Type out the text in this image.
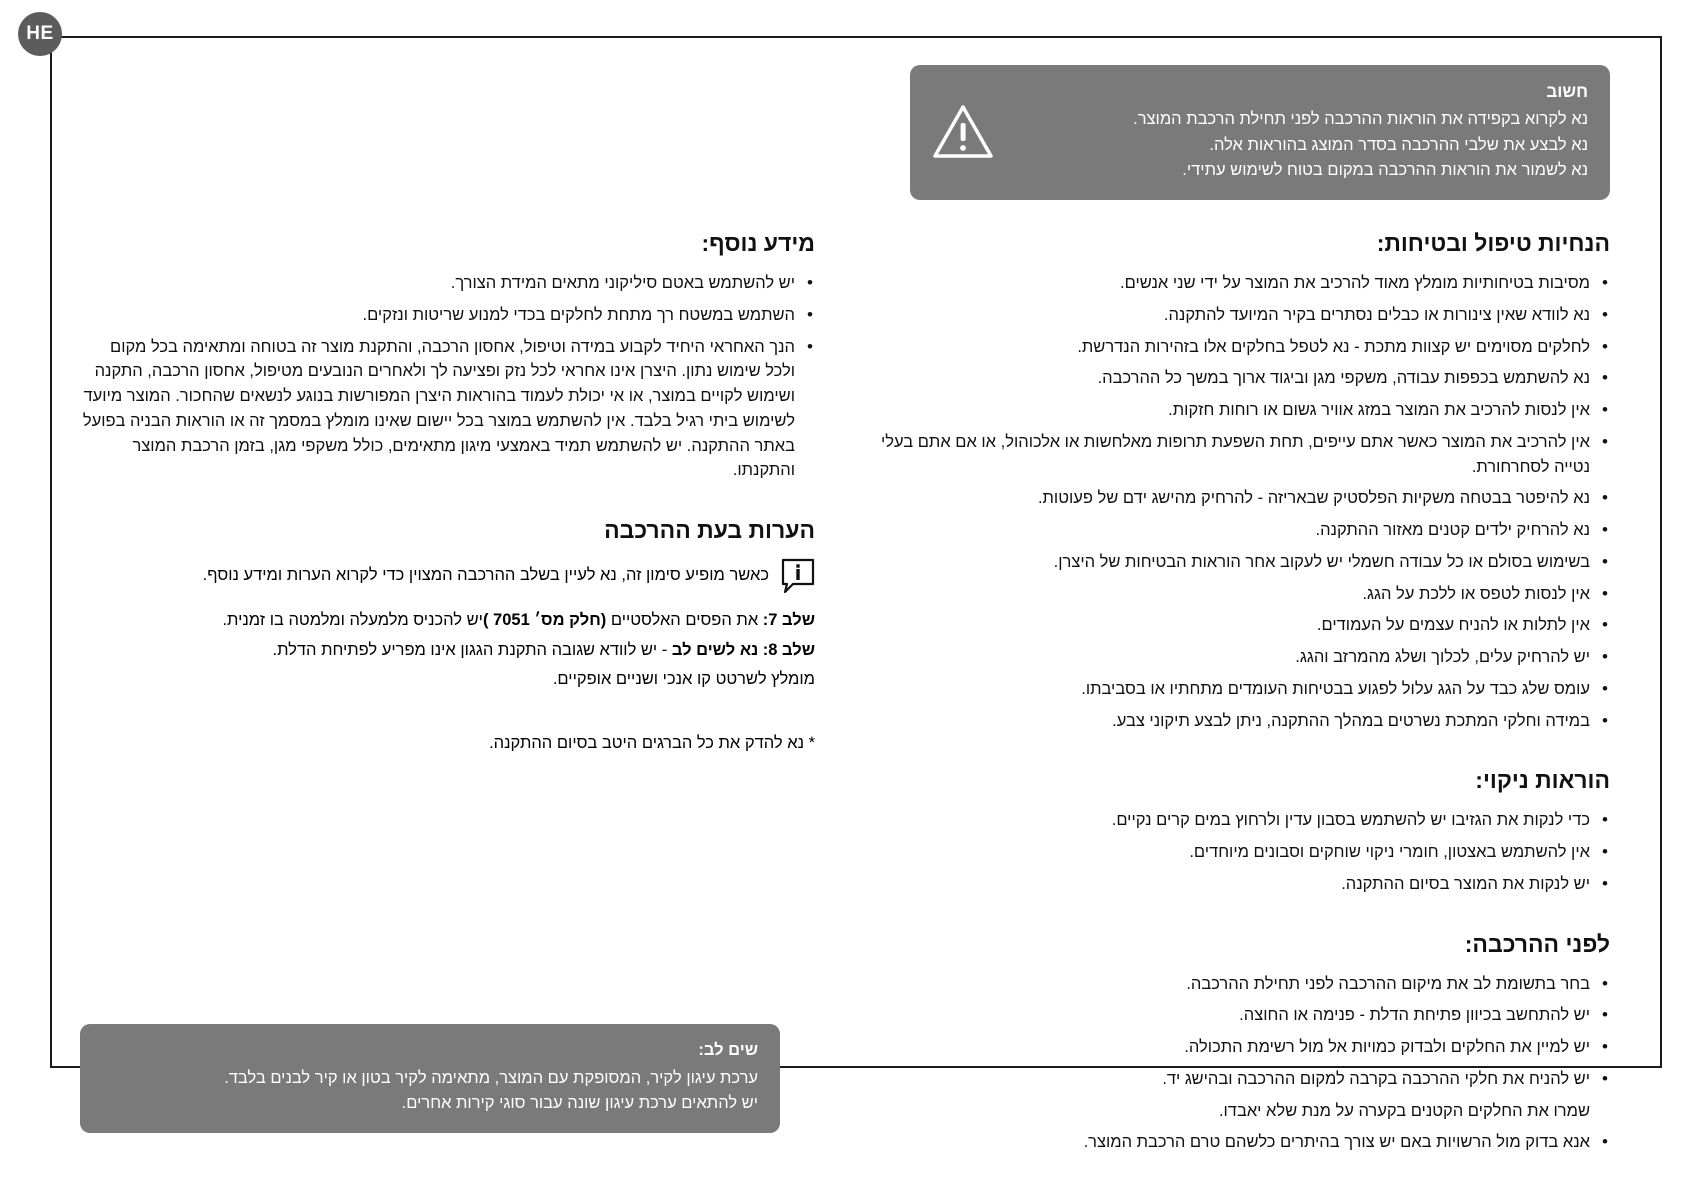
HE
חשוב
נא לקרוא בקפידה את הוראות ההרכבה לפני תחילת הרכבת המוצר.
נא לבצע את שלבי ההרכבה בסדר המוצג בהוראות אלה.
נא לשמור את הוראות ההרכבה במקום בטוח לשימוש עתידי.
הנחיות טיפול ובטיחות:
• מסיבות בטיחותיות מומלץ מאוד להרכיב את המוצר על ידי שני אנשים.
• נא לוודא שאין צינורות או כבלים נסתרים בקיר המיועד להתקנה.
• לחלקים מסוימים יש קצוות מתכת - נא לטפל בחלקים אלו בזהירות הנדרשת.
• נא להשתמש בכפפות עבודה, משקפי מגן וביגוד ארוך במשך כל ההרכבה.
• אין לנסות להרכיב את המוצר במזג אוויר גשום או רוחות חזקות.
• אין להרכיב את המוצר כאשר אתם עייפים, תחת השפעת תרופות מאלחשות או אלכוהול, או אם אתם בעלי נטייה לסחרחורת.
• נא להיפטר בבטחה משקיות הפלסטיק שבאריזה - להרחיק מהישג ידם של פעוטות.
• נא להרחיק ילדים קטנים מאזור ההתקנה.
• בשימוש בסולם או כל עבודה חשמלי יש לעקוב אחר הוראות הבטיחות של היצרן.
• אין לנסות לטפס או ללכת על הגג.
• אין לתלות או להניח עצמים על העמודים.
• יש להרחיק עלים, לכלוך ושלג מהמרזב והגג.
• עומס שלג כבד על הגג עלול לפגוע בבטיחות העומדים מתחתיו או בסביבתו.
• במידה וחלקי המתכת נשרטים במהלך ההתקנה, ניתן לבצע תיקוני צבע.
הוראות ניקוי:
• כדי לנקות את הגזיבו יש להשתמש בסבון עדין ולרחוץ במים קרים נקיים.
• אין להשתמש באצטון, חומרי ניקוי שוחקים וסבונים מיוחדים.
• יש לנקות את המוצר בסיום ההתקנה.
לפני ההרכבה:
• בחר בתשומת לב את מיקום ההרכבה לפני תחילת ההרכבה.
• יש להתחשב בכיוון פתיחת הדלת - פנימה או החוצה.
• יש למיין את החלקים ולבדוק כמויות אל מול רשימת התכולה.
• יש להניח את חלקי ההרכבה בקרבה למקום ההרכבה ובהישג יד.
שמרו את החלקים הקטנים בקערה על מנת שלא יאבדו.
• אנא בדוק מול הרשויות באם יש צורך בהיתרים כלשהם טרם הרכבת המוצר.
מידע נוסף:
• יש להשתמש באטם סיליקוני מתאים המידת הצורך.
• השתמש במשטח רך מתחת לחלקים בכדי למנוע שריטות ונזקים.
• הנך האחראי היחיד לקבוע במידה וטיפול, אחסון הרכבה, והתקנת מוצר זה בטוחה ומתאימה בכל מקום ולכל שימוש נתון. היצרן אינו אחראי לכל נזק ופציעה לך ולאחרים הנובעים מטיפול, אחסון הרכבה, התקנה ושימוש לקויים במוצר, או אי יכולת לעמוד בהוראות היצרן המפורשות בנוגע לנשאים שהחכור. המוצר מיועד לשימוש ביתי רגיל בלבד. אין להשתמש במוצר בכל יישום שאינו מומלץ במסמך זה או הוראות הבניה בפועל באתר ההתקנה. יש להשתמש תמיד באמצעי מיגון מתאימים, כולל משקפי מגן, בזמן הרכבת המוצר והתקנתו.
הערות בעת ההרכבה
כאשר מופיע סימון זה, נא לעיין בשלב ההרכבה המצוין כדי לקרוא הערות ומידע נוסף.
שלב 7: את הפסים האלסטיים (חלק מס׳ 7051 )יש להכניס מלמעלה ומלמטה בו זמנית.
שלב 8: נא לשים לב - יש לוודא שגובה התקנת הגגון אינו מפריע לפתיחת הדלת.
מומלץ לשרטט קו אנכי ושניים אופקיים.
* נא להדק את כל הברגים היטב בסיום ההתקנה.
שים לב:
ערכת עיגון לקיר, המסופקת עם המוצר, מתאימה לקיר בטון או קיר לבנים בלבד.
יש להתאים ערכת עיגון שונה עבור סוגי קירות אחרים.
